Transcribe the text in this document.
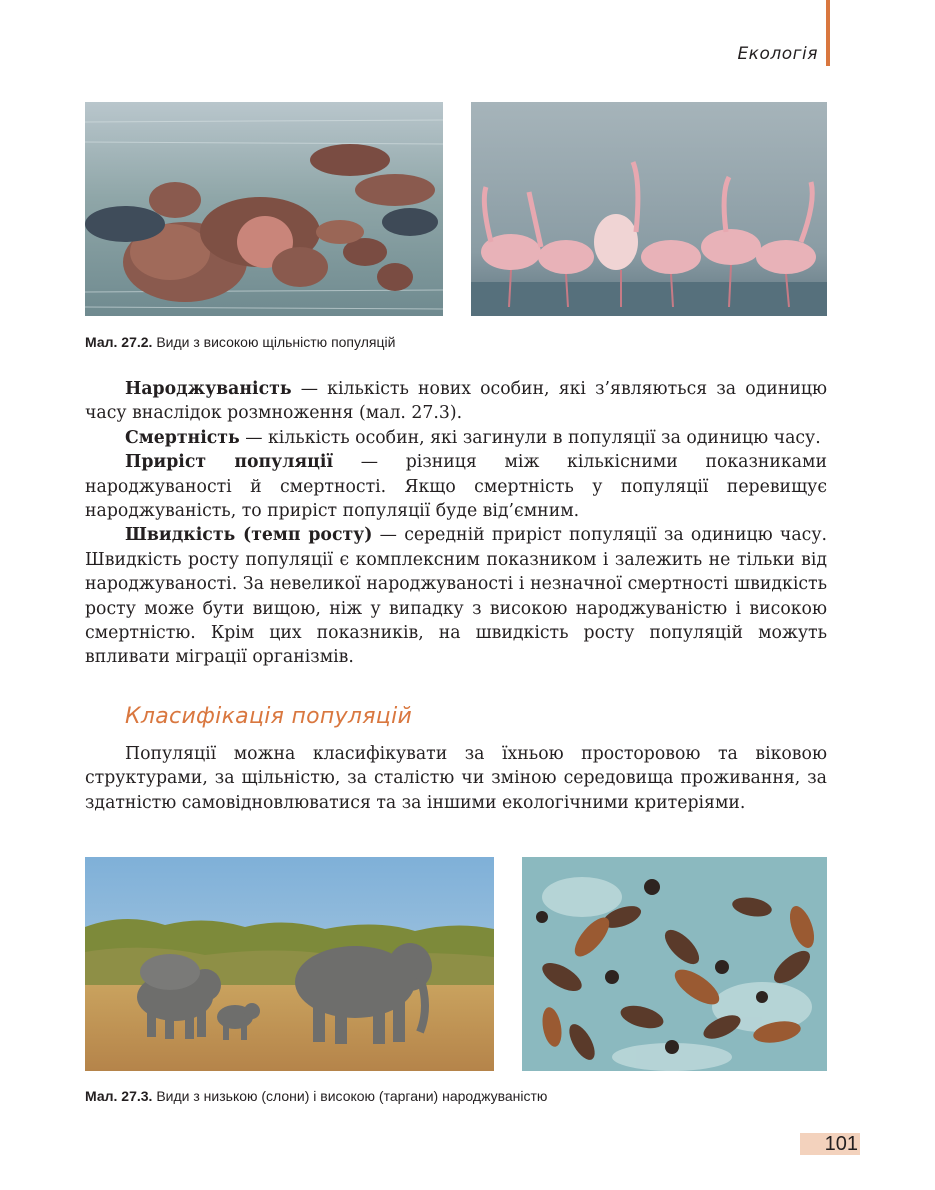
Екологія
Мал. 27.2. Види з високою щільністю популяцій

Народжуваність — кількість нових особин, які з’являються за одиницю часу внаслідок розмноження (мал. 27.3).

Смертність — кількість особин, які загинули в популяції за одиницю часу.

Приріст популяції — різниця між кількісними показниками народжуваності й смертності. Якщо смертність у популяції перевищує народжуваність, то приріст популяції буде від’ємним.

Швидкість (темп росту) — середній приріст популяції за одиницю часу. Швидкість росту популяції є комплексним показником і залежить не тільки від народжуваності. За невеликої народжуваності і незначної смертності швидкість росту може бути вищою, ніж у випадку з високою народжуваністю і високою смертністю. Крім цих показників, на швидкість росту популяцій можуть впливати міграції організмів.

Класифікація популяцій

Популяції можна класифікувати за їхньою просторовою та віковою структурами, за щільністю, за сталістю чи зміною середовища проживання, за здатністю самовідновлюватися та за іншими екологічними критеріями.

Мал. 27.3. Види з низькою (слони) і високою (таргани) народжуваністю
101
